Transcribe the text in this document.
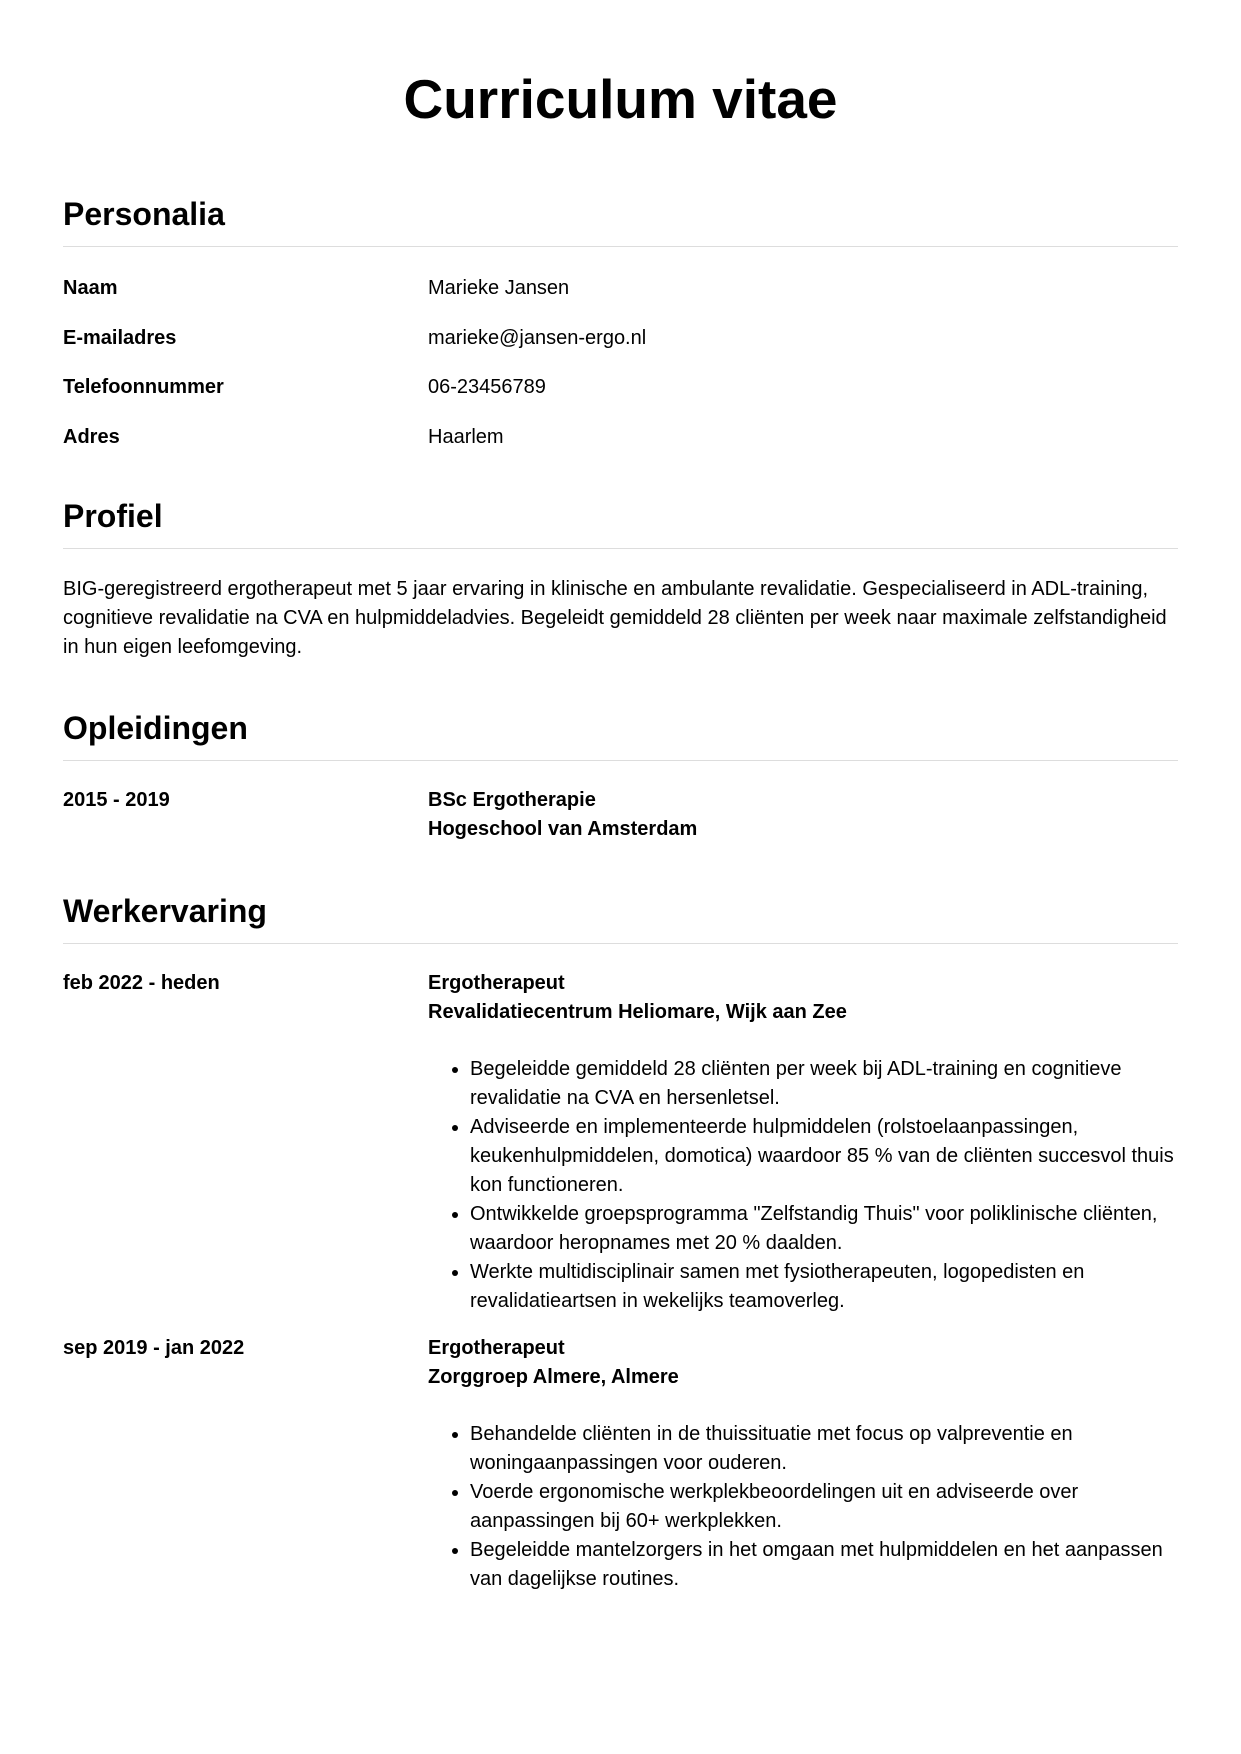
Curriculum vitae
Personalia
Naam	Marieke Jansen
E-mailadres	marieke@jansen-ergo.nl
Telefoonnummer	06-23456789
Adres	Haarlem
Profiel

BIG-geregistreerd ergotherapeut met 5 jaar ervaring in klinische en ambulante revalidatie. Gespecialiseerd in ADL-training, cognitieve revalidatie na CVA en hulpmiddeladvies. Begeleidt gemiddeld 28 cliënten per week naar maximale zelfstandigheid in hun eigen leefomgeving.

Opleidingen
2015 - 2019	BSc Ergotherapie
Hogeschool van Amsterdam
Werkervaring
feb 2022 - heden	Ergotherapeut
Revalidatiecentrum Heliomare, Wijk aan Zee
• Begeleidde gemiddeld 28 cliënten per week bij ADL-training en cognitieve revalidatie na CVA en hersenletsel.
• Adviseerde en implementeerde hulpmiddelen (rolstoelaanpassingen, keukenhulpmiddelen, domotica) waardoor 85 % van de cliënten succesvol thuis kon functioneren.
• Ontwikkelde groepsprogramma "Zelfstandig Thuis" voor poliklinische cliënten, waardoor heropnames met 20 % daalden.
• Werkte multidisciplinair samen met fysiotherapeuten, logopedisten en revalidatieartsen in wekelijks teamoverleg.
sep 2019 - jan 2022	Ergotherapeut
Zorggroep Almere, Almere
• Behandelde cliënten in de thuissituatie met focus op valpreventie en woningaanpassingen voor ouderen.
• Voerde ergonomische werkplekbeoordelingen uit en adviseerde over aanpassingen bij 60+ werkplekken.
• Begeleidde mantelzorgers in het omgaan met hulpmiddelen en het aanpassen van dagelijkse routines.
